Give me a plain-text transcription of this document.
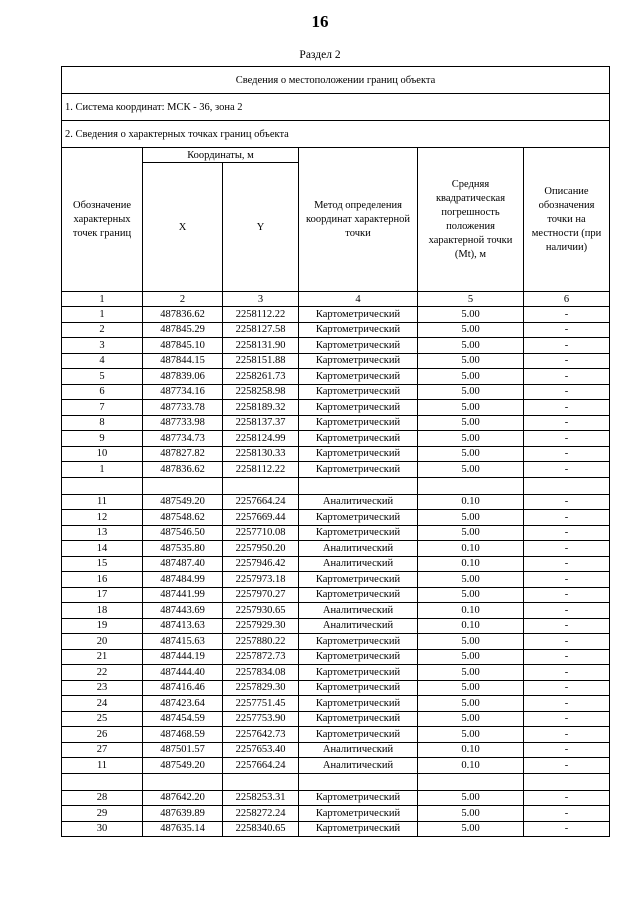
16
Раздел 2
Сведения о местоположении границ объекта					
1. Система координат: МСК - 36, зона 2					
2. Сведения о характерных точках границ объекта					
Обозначение характерных точек границ	Координаты, м		Метод определения координат характерной точки	Средняя квадратическая погрешность положения характерной точки (Mt), м	Описание обозначения точки на местности (при наличии)
	X	Y			
1	2	3	4	5	6
1	487836.62	2258112.22	Картометрический	5.00	-
2	487845.29	2258127.58	Картометрический	5.00	-
3	487845.10	2258131.90	Картометрический	5.00	-
4	487844.15	2258151.88	Картометрический	5.00	-
5	487839.06	2258261.73	Картометрический	5.00	-
6	487734.16	2258258.98	Картометрический	5.00	-
7	487733.78	2258189.32	Картометрический	5.00	-
8	487733.98	2258137.37	Картометрический	5.00	-
9	487734.73	2258124.99	Картометрический	5.00	-
10	487827.82	2258130.33	Картометрический	5.00	-
1	487836.62	2258112.22	Картометрический	5.00	-

11	487549.20	2257664.24	Аналитический	0.10	-
12	487548.62	2257669.44	Картометрический	5.00	-
13	487546.50	2257710.08	Картометрический	5.00	-
14	487535.80	2257950.20	Аналитический	0.10	-
15	487487.40	2257946.42	Аналитический	0.10	-
16	487484.99	2257973.18	Картометрический	5.00	-
17	487441.99	2257970.27	Картометрический	5.00	-
18	487443.69	2257930.65	Аналитический	0.10	-
19	487413.63	2257929.30	Аналитический	0.10	-
20	487415.63	2257880.22	Картометрический	5.00	-
21	487444.19	2257872.73	Картометрический	5.00	-
22	487444.40	2257834.08	Картометрический	5.00	-
23	487416.46	2257829.30	Картометрический	5.00	-
24	487423.64	2257751.45	Картометрический	5.00	-
25	487454.59	2257753.90	Картометрический	5.00	-
26	487468.59	2257642.73	Картометрический	5.00	-
27	487501.57	2257653.40	Аналитический	0.10	-
11	487549.20	2257664.24	Аналитический	0.10	-

28	487642.20	2258253.31	Картометрический	5.00	-
29	487639.89	2258272.24	Картометрический	5.00	-
30	487635.14	2258340.65	Картометрический	5.00	-
